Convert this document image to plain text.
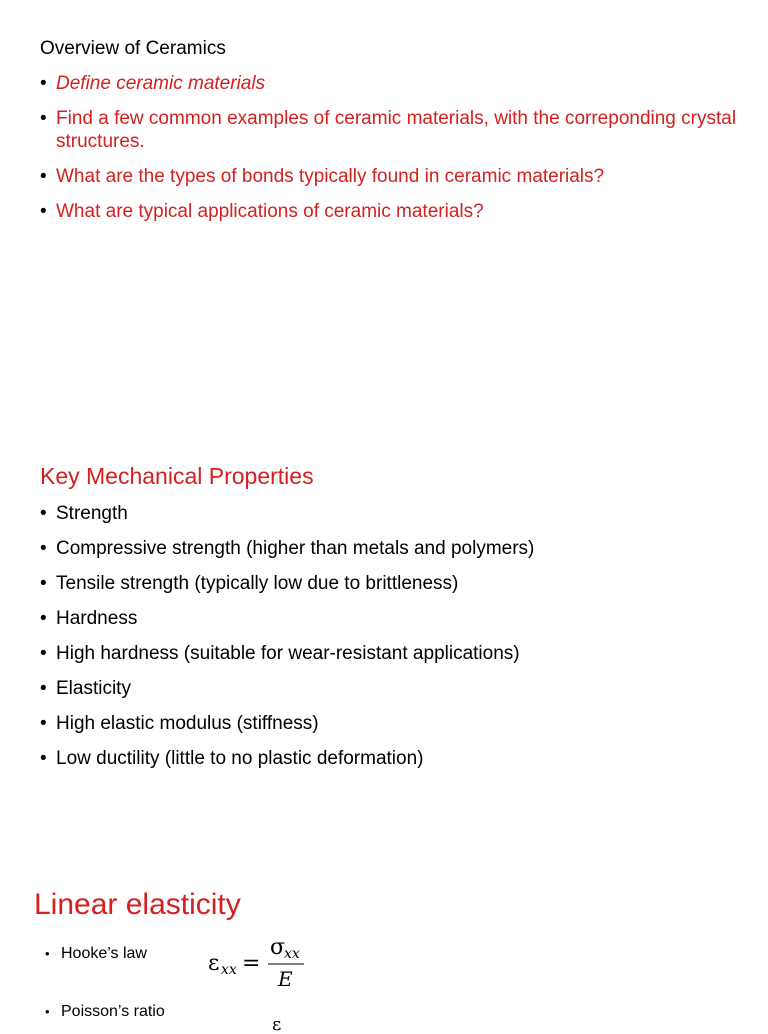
Overview of Ceramics
• Define ceramic materials
• Find a few common examples of ceramic materials, with the correponding crystal structures.
• What are the types of bonds typically found in ceramic materials?
• What are typical applications of ceramic materials?
Key Mechanical Properties
• Strength
• Compressive strength (higher than metals and polymers)
• Tensile strength (typically low due to brittleness)
• Hardness
• High hardness (suitable for wear-resistant applications)
• Elasticity
• High elastic modulus (stiffness)
• Low ductility (little to no plastic deformation)
Linear elasticity
• Hooke’s law
• Poisson’s ratio
ε xx =
σ
xx
E
ε
